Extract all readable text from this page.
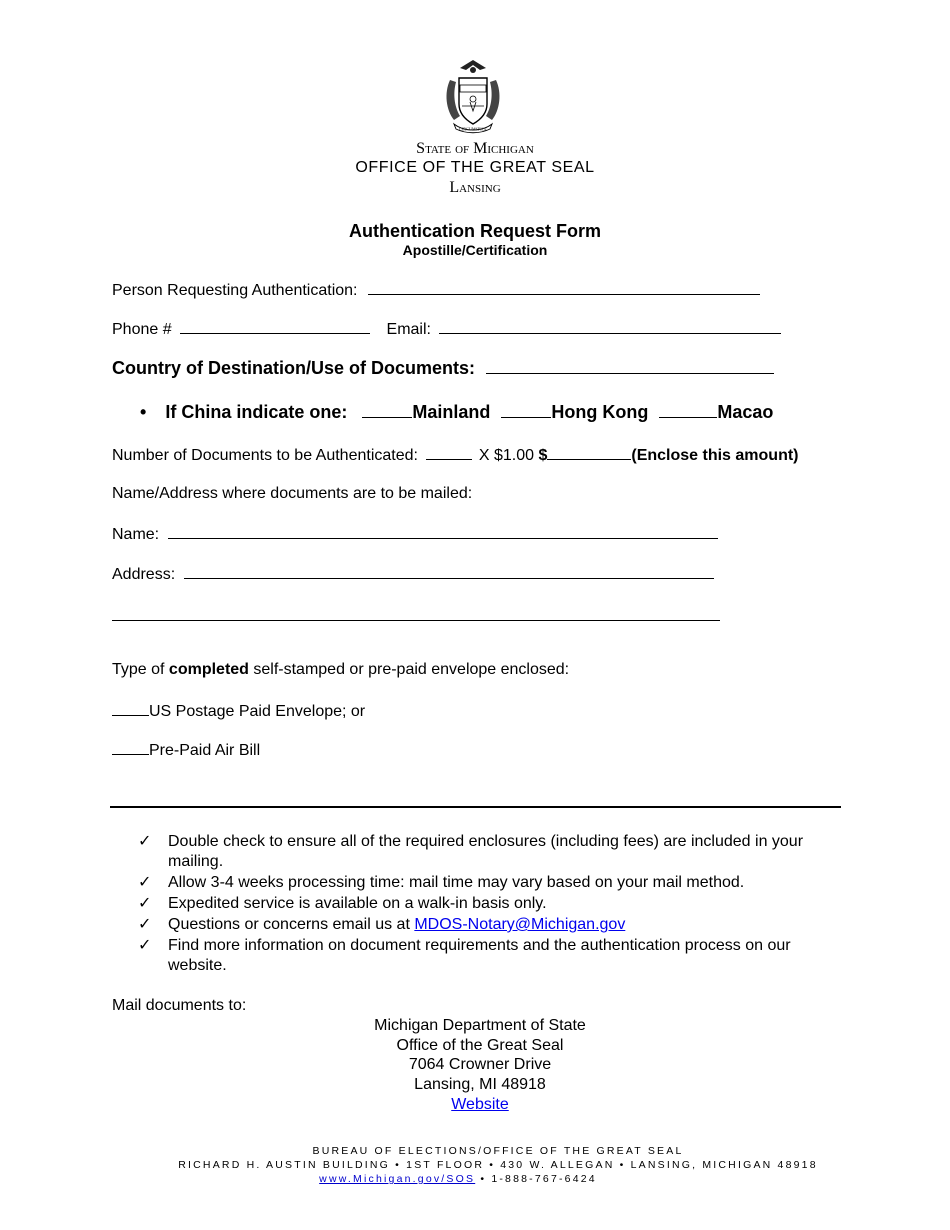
CIRCUMSPICE
State of Michigan
OFFICE OF THE GREAT SEAL
Lansing
Authentication Request Form
Apostille/Certification
Person Requesting Authentication:
Phone #	Email:
Country of Destination/Use of Documents:
• If China indicate one:	Mainland	Hong Kong	Macao
Number of Documents to be Authenticated:	X $1.00 $	(Enclose this amount)
Name/Address where documents are to be mailed:
Name:
Address:
Type of completed self-stamped or pre-paid envelope enclosed:
US Postage Paid Envelope; or
Pre-Paid Air Bill
✓ Double check to ensure all of the required enclosures (including fees) are included in your mailing.
✓ Allow 3-4 weeks processing time: mail time may vary based on your mail method.
✓ Expedited service is available on a walk-in basis only.
✓ Questions or concerns email us at MDOS-Notary@Michigan.gov
✓ Find more information on document requirements and the authentication process on our website.
Mail documents to:
Michigan Department of State
Office of the Great Seal
7064 Crowner Drive
Lansing, MI 48918
Website
BUREAU OF ELECTIONS/OFFICE OF THE GREAT SEAL
RICHARD H. AUSTIN BUILDING • 1ST FLOOR • 430 W. ALLEGAN • LANSING, MICHIGAN 48918
www.Michigan.gov/SOS • 1-888-767-6424
